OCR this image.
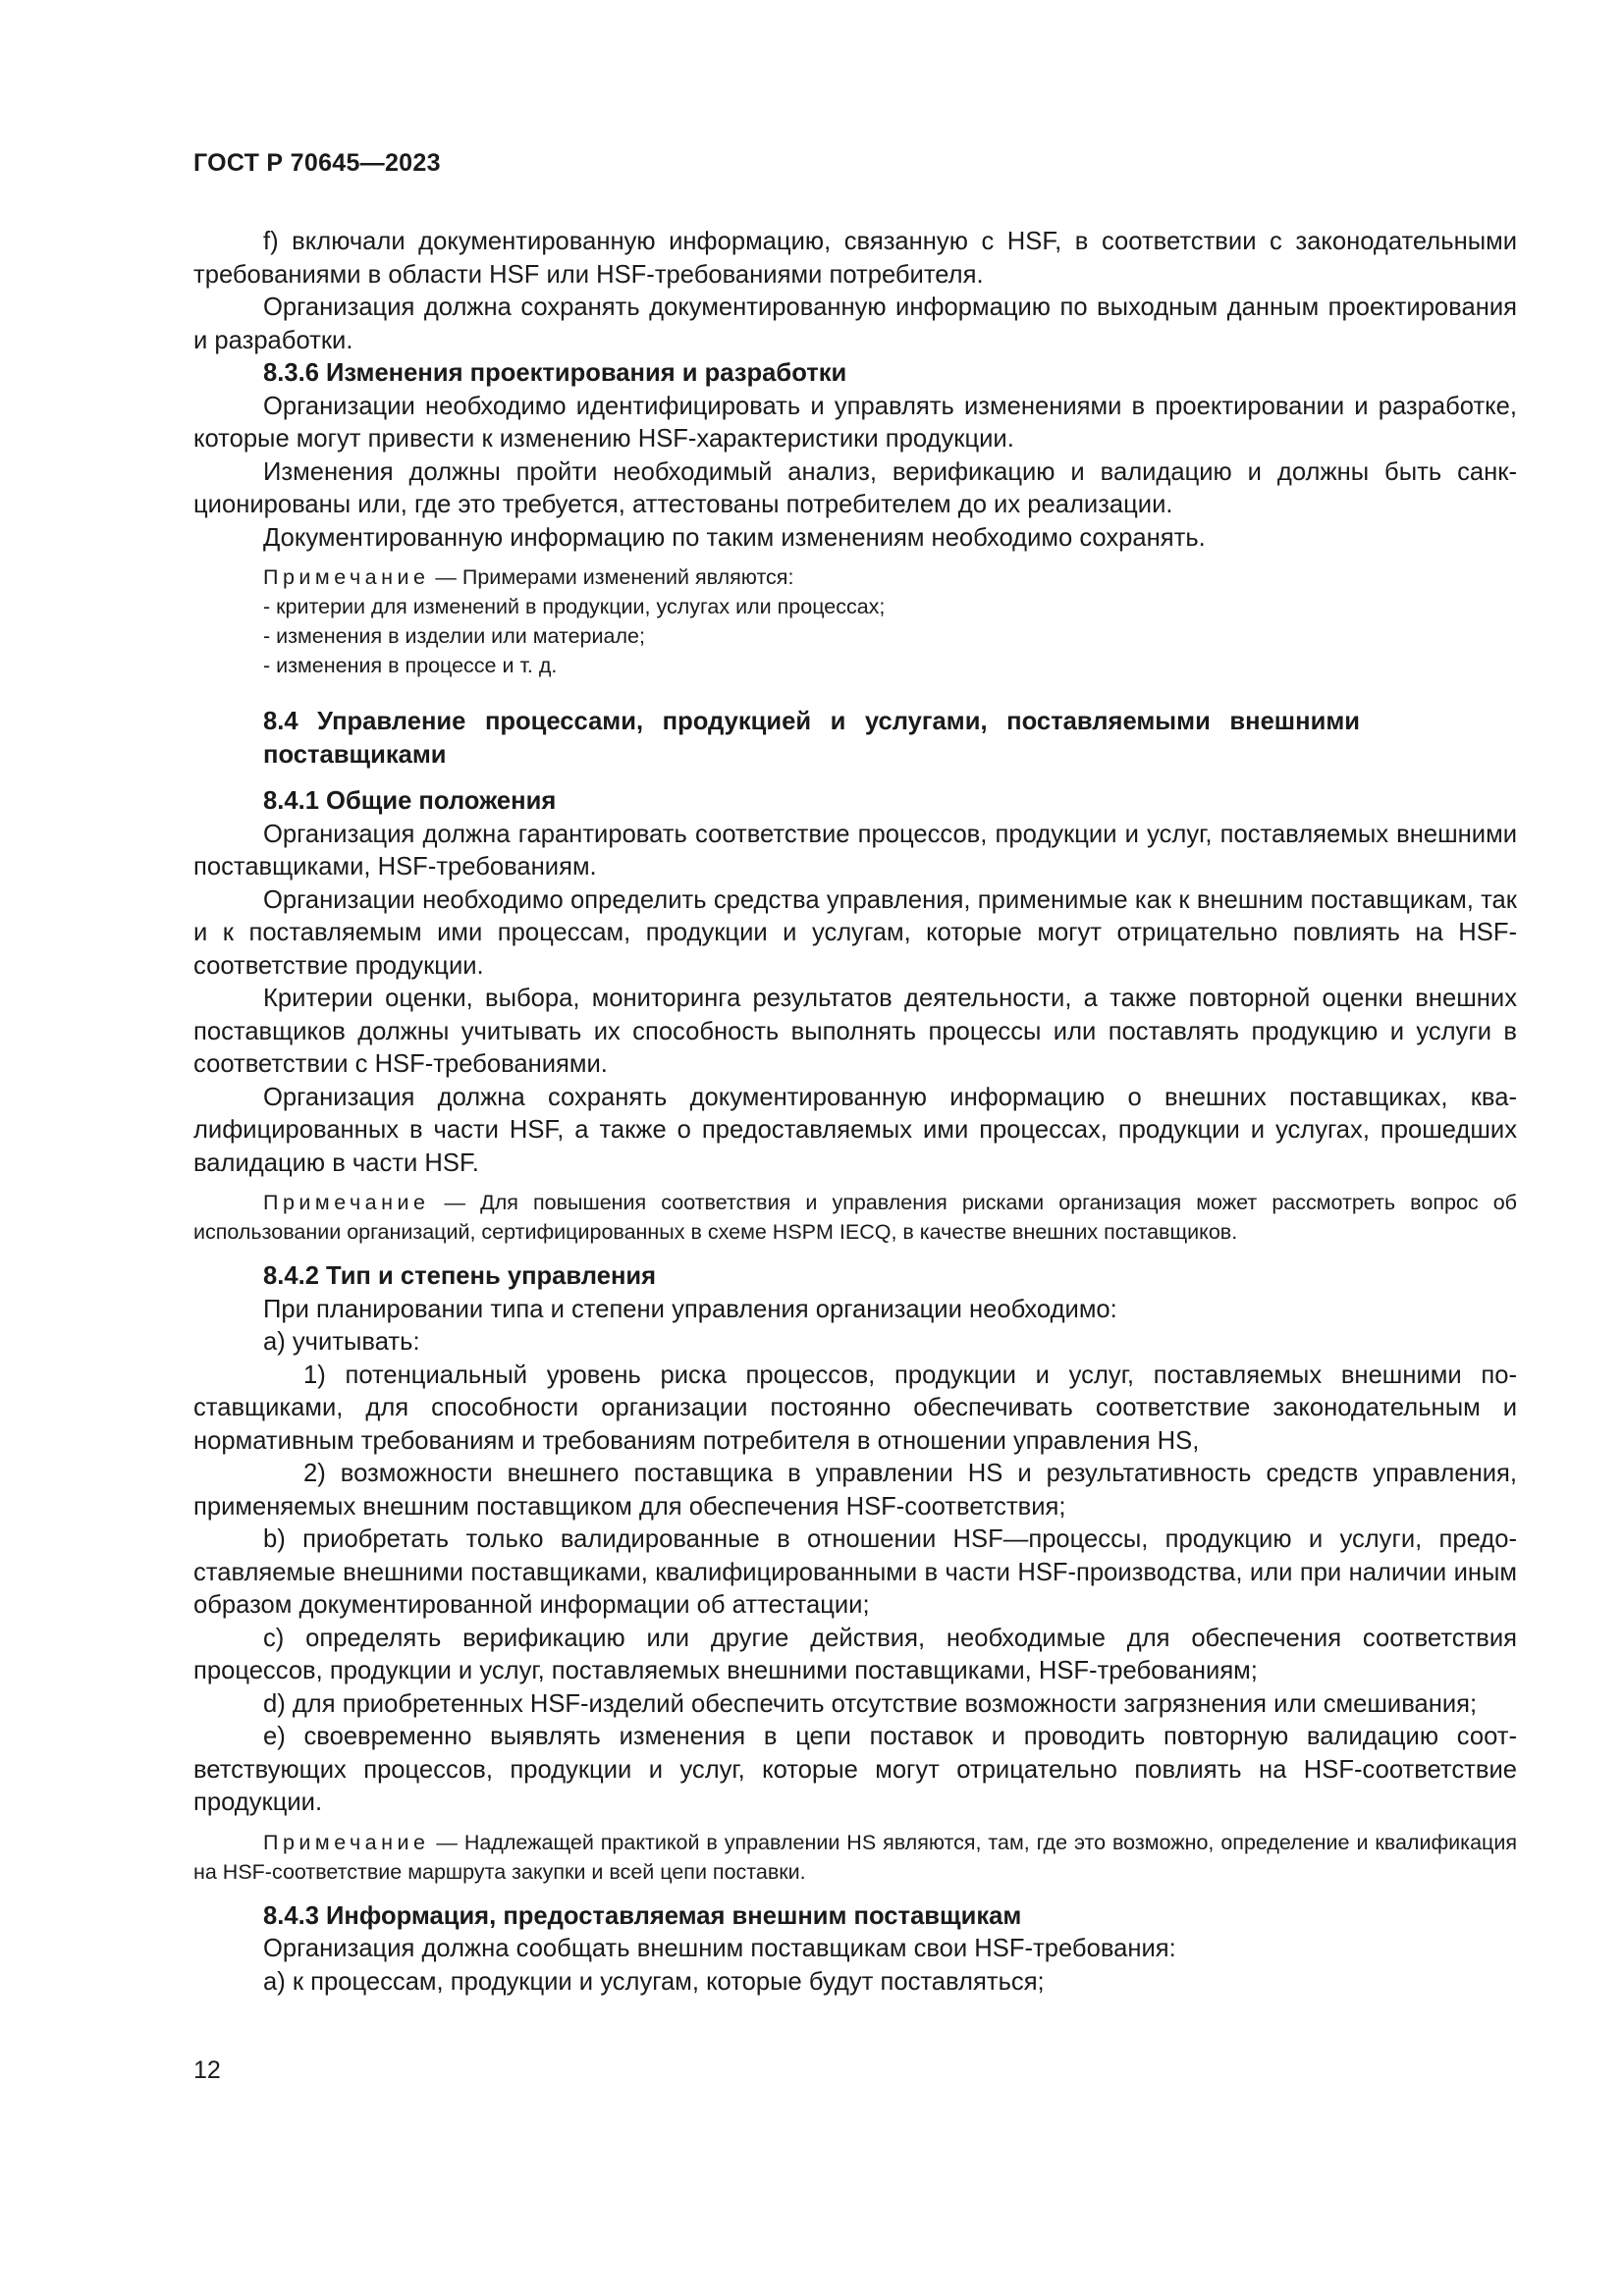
ГОСТ Р 70645—2023

f) включали документированную информацию, связанную с HSF, в соответствии с законодательными требованиями в области HSF или HSF-требованиями потребителя.

Организация должна сохранять документированную информацию по выходным данным проектирования и разработки.

8.3.6 Изменения проектирования и разработки

Организации необходимо идентифицировать и управлять изменениями в проектировании и разработке, которые могут привести к изменению HSF-характеристики продукции.

Изменения должны пройти необходимый анализ, верификацию и валидацию и должны быть санкционированы или, где это требуется, аттестованы потребителем до их реализации.

Документированную информацию по таким изменениям необходимо сохранять.

Примечание — Примерами изменений являются:

- критерии для изменений в продукции, услугах или процессах;

- изменения в изделии или материале;

- изменения в процессе и т. д.

8.4 Управление процессами, продукцией и услугами, поставляемыми внешними поставщиками

8.4.1 Общие положения

Организация должна гарантировать соответствие процессов, продукции и услуг, поставляемых внешними поставщиками, HSF-требованиям.

Организации необходимо определить средства управления, применимые как к внешним поставщикам, так и к поставляемым ими процессам, продукции и услугам, которые могут отрицательно повлиять на HSF-соответствие продукции.

Критерии оценки, выбора, мониторинга результатов деятельности, а также повторной оценки внешних поставщиков должны учитывать их способность выполнять процессы или поставлять продукцию и услуги в соответствии с HSF-требованиями.

Организация должна сохранять документированную информацию о внешних поставщиках, квалифицированных в части HSF, а также о предоставляемых ими процессах, продукции и услугах, прошедших валидацию в части HSF.

Примечание — Для повышения соответствия и управления рисками организация может рассмотреть вопрос об использовании организаций, сертифицированных в схеме HSPM IECQ, в качестве внешних поставщиков.

8.4.2 Тип и степень управления

При планировании типа и степени управления организации необходимо:

а) учитывать:

1) потенциальный уровень риска процессов, продукции и услуг, поставляемых внешними поставщиками, для способности организации постоянно обеспечивать соответствие законодательным и нормативным требованиям и требованиям потребителя в отношении управления HS,

2) возможности внешнего поставщика в управлении HS и результативность средств управления, применяемых внешним поставщиком для обеспечения HSF-соответствия;

b) приобретать только валидированные в отношении HSF—процессы, продукцию и услуги, предоставляемые внешними поставщиками, квалифицированными в части HSF-производства, или при наличии иным образом документированной информации об аттестации;

c) определять верификацию или другие действия, необходимые для обеспечения соответствия процессов, продукции и услуг, поставляемых внешними поставщиками, HSF-требованиям;

d) для приобретенных HSF-изделий обеспечить отсутствие возможности загрязнения или смешивания;

e) своевременно выявлять изменения в цепи поставок и проводить повторную валидацию соответствующих процессов, продукции и услуг, которые могут отрицательно повлиять на HSF-соответствие продукции.

Примечание — Надлежащей практикой в управлении HS являются, там, где это возможно, определение и квалификация на HSF-соответствие маршрута закупки и всей цепи поставки.

8.4.3 Информация, предоставляемая внешним поставщикам

Организация должна сообщать внешним поставщикам свои HSF-требования:

а) к процессам, продукции и услугам, которые будут поставляться;

12
